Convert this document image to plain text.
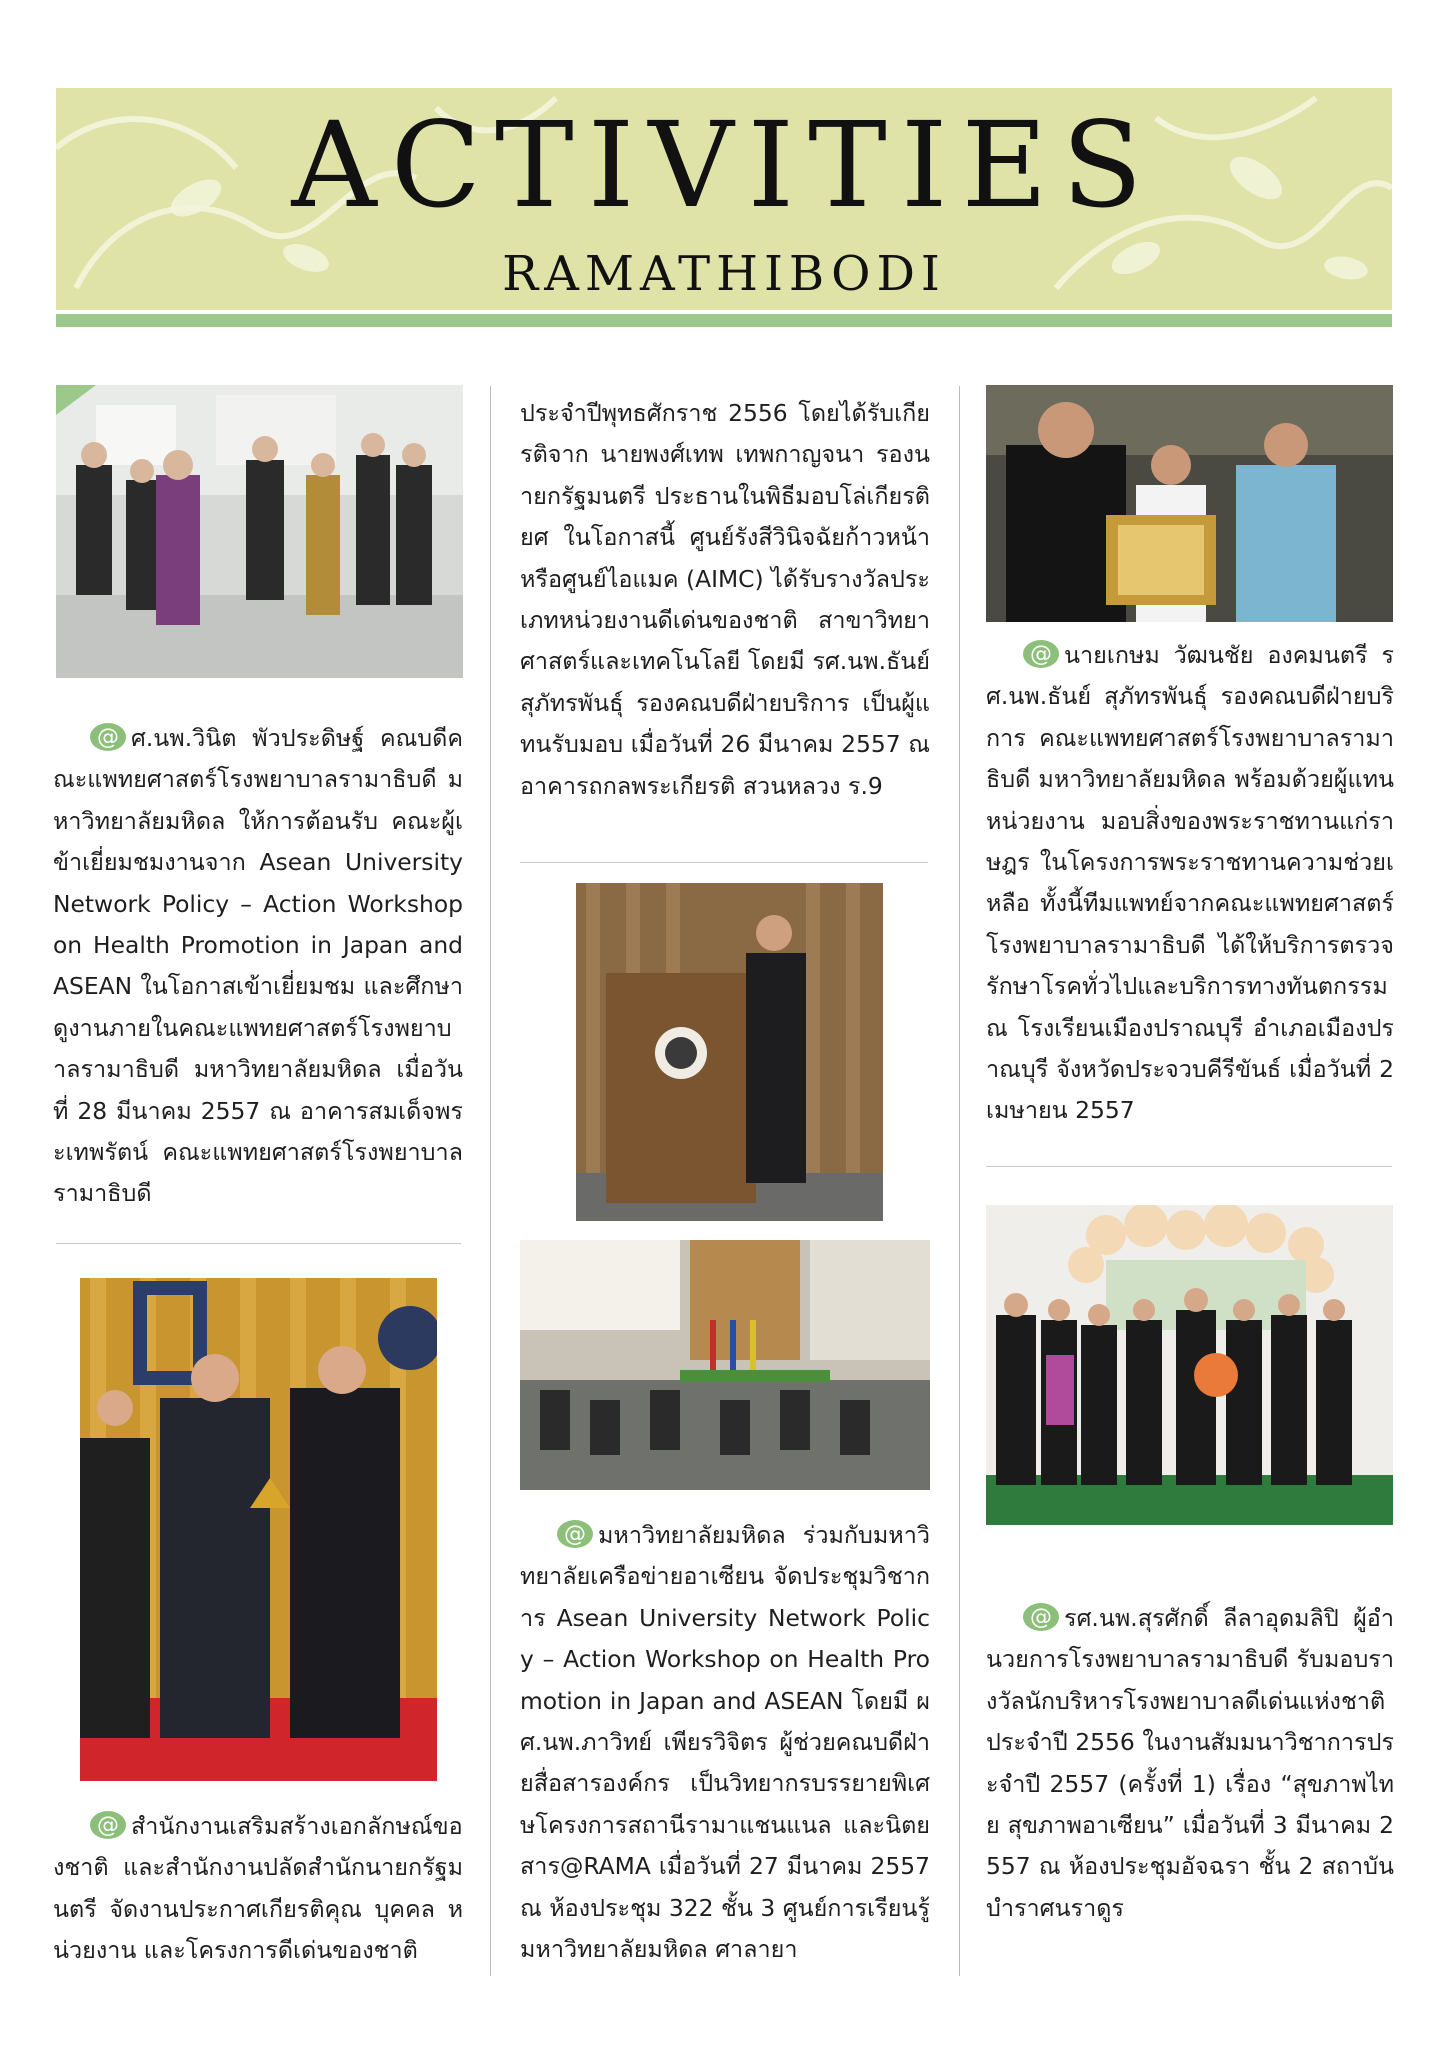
ACTIVITIES
RAMATHIBODI

@ ศ.นพ.วินิต พัวประดิษฐ์ คณบดีคณะแพทยศาสตร์โรงพยาบาลรามาธิบดี มหาวิทยาลัยมหิดล ให้การต้อนรับ คณะผู้เข้าเยี่ยมชมงานจาก Asean University Network Policy – Action Workshop on Health Promotion in Japan and ASEAN ในโอกาสเข้าเยี่ยมชม และศึกษาดูงานภายในคณะแพทยศาสตร์โรงพยาบาลรามาธิบดี มหาวิทยาลัยมหิดล เมื่อวันที่ 28 มีนาคม 2557 ณ อาคารสมเด็จพระเทพรัตน์ คณะแพทยศาสตร์โรงพยาบาลรามาธิบดี

@ สำนักงานเสริมสร้างเอกลักษณ์ของชาติ และสำนักงานปลัดสำนักนายกรัฐมนตรี จัดงานประกาศเกียรติคุณ บุคคล หน่วยงาน และโครงการดีเด่นของชาติ

ประจำปีพุทธศักราช 2556 โดยได้รับเกียรติจาก นายพงศ์เทพ เทพกาญจนา รองนายกรัฐมนตรี ประธานในพิธีมอบโล่เกียรติยศ ในโอกาสนี้ ศูนย์รังสีวินิจฉัยก้าวหน้าหรือศูนย์ไอแมค (AIMC) ได้รับรางวัลประเภทหน่วยงานดีเด่นของชาติ สาขาวิทยาศาสตร์และเทคโนโลยี โดยมี รศ.นพ.ธันย์ สุภัทรพันธุ์ รองคณบดีฝ่ายบริการ เป็นผู้แทนรับมอบ เมื่อวันที่ 26 มีนาคม 2557 ณ อาคารถกลพระเกียรติ สวนหลวง ร.9

@ มหาวิทยาลัยมหิดล ร่วมกับมหาวิทยาลัยเครือข่ายอาเซียน จัดประชุมวิชาการ Asean University Network Policy – Action Workshop on Health Promotion in Japan and ASEAN โดยมี ผศ.นพ.ภาวิทย์ เพียรวิจิตร ผู้ช่วยคณบดีฝ่ายสื่อสารองค์กร เป็นวิทยากรบรรยายพิเศษโครงการสถานีรามาแชนแนล และนิตยสาร@RAMA เมื่อวันที่ 27 มีนาคม 2557 ณ ห้องประชุม 322 ชั้น 3 ศูนย์การเรียนรู้ มหาวิทยาลัยมหิดล ศาลายา

@ นายเกษม วัฒนชัย องคมนตรี รศ.นพ.ธันย์ สุภัทรพันธุ์ รองคณบดีฝ่ายบริการ คณะแพทยศาสตร์โรงพยาบาลรามาธิบดี มหาวิทยาลัยมหิดล พร้อมด้วยผู้แทนหน่วยงาน มอบสิ่งของพระราชทานแก่ราษฎร ในโครงการพระราชทานความช่วยเหลือ ทั้งนี้ทีมแพทย์จากคณะแพทยศาสตร์โรงพยาบาลรามาธิบดี ได้ให้บริการตรวจรักษาโรคทั่วไปและบริการทางทันตกรรม ณ โรงเรียนเมืองปราณบุรี อำเภอเมืองปราณบุรี จังหวัดประจวบคีรีขันธ์ เมื่อวันที่ 2 เมษายน 2557

@ รศ.นพ.สุรศักดิ์ ลีลาอุดมลิปิ ผู้อำนวยการโรงพยาบาลรามาธิบดี รับมอบรางวัลนักบริหารโรงพยาบาลดีเด่นแห่งชาติ ประจำปี 2556 ในงานสัมมนาวิชาการประจำปี 2557 (ครั้งที่ 1) เรื่อง “สุขภาพไทย สุขภาพอาเซียน” เมื่อวันที่ 3 มีนาคม 2557 ณ ห้องประชุมอัจฉรา ชั้น 2 สถาบันบำราศนราดูร
